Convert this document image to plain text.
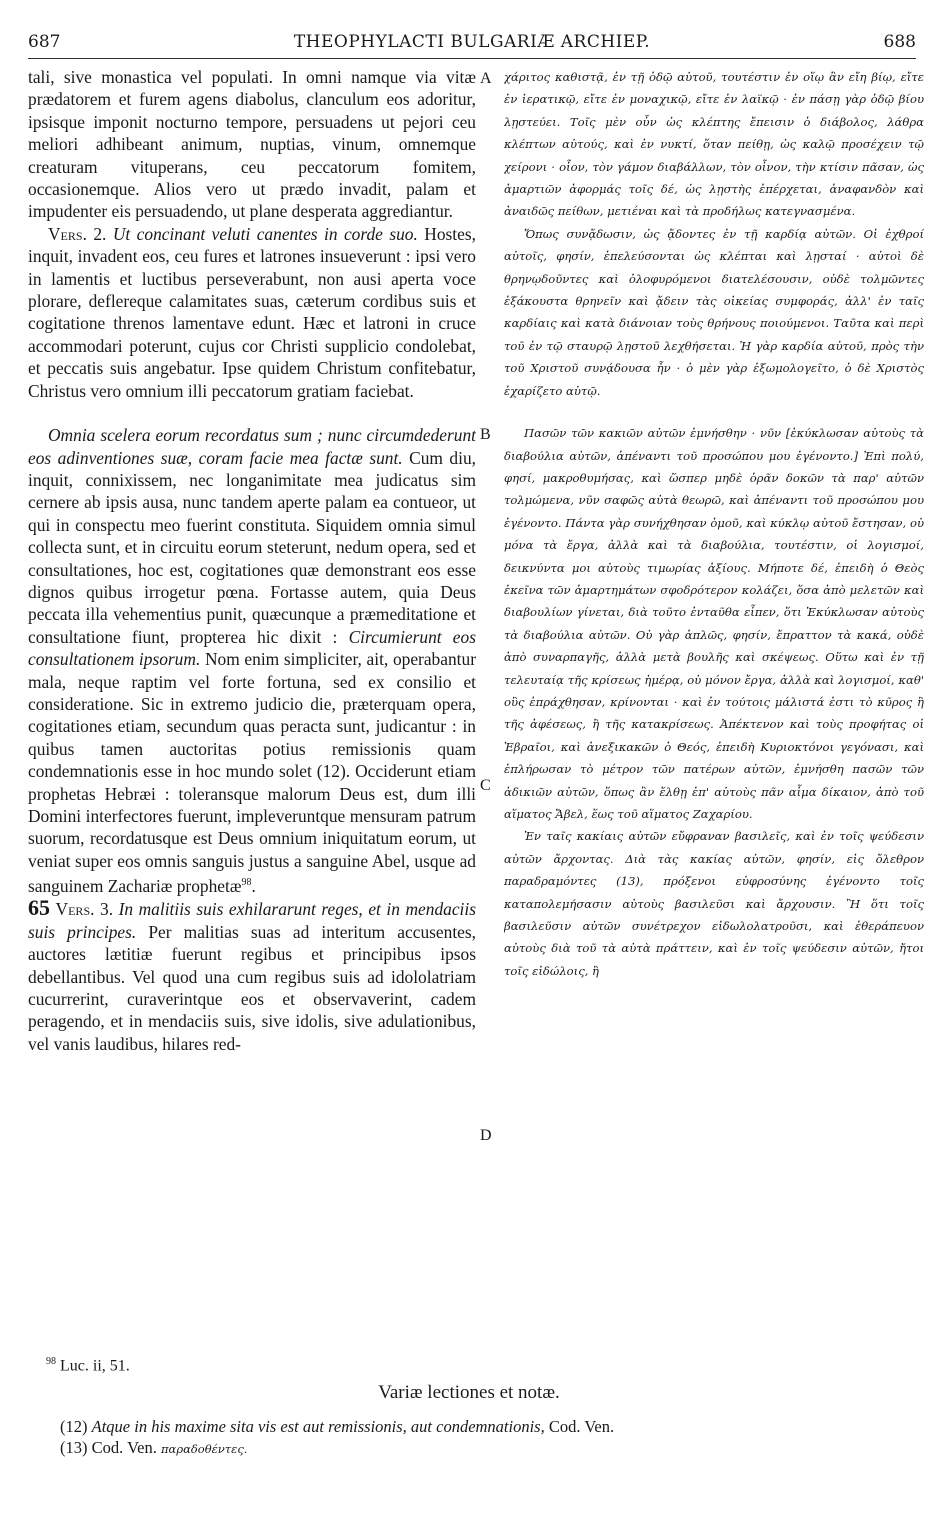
687	THEOPHYLACTI BULGARIÆ ARCHIEP.	688

tali, sive monastica vel populati. In omni namque via vitæ prædatorem et furem agens diabolus, clanculum eos adoritur, ipsisque imponit nocturno tempore, persuadens ut pejori ceu meliori adhibeant animum, nuptias, vinum, omnemque creaturam vituperans, ceu peccatorum fomitem, occasionemque. Alios vero ut prædo invadit, palam et impudenter eis persuadendo, ut plane desperata aggrediantur.

Vers. 2. Ut concinant veluti canentes in corde suo. Hostes, inquit, invadent eos, ceu fures et latrones insueverunt : ipsi vero in lamentis et luctibus perseverabunt, non ausi aperta voce plorare, deflereque calamitates suas, cæterum cordibus suis et cogitatione threnos lamentave edunt. Hæc et latroni in cruce accommodari poterunt, cujus cor Christi supplicio condolebat, et peccatis suis angebatur. Ipse quidem Christum confitebatur, Christus vero omnium illi peccatorum gratiam faciebat.

Omnia scelera eorum recordatus sum ; nunc circumdederunt eos adinventiones suæ, coram facie mea factæ sunt. Cum diu, inquit, connixissem, nec longanimitate mea judicatus sim cernere ab ipsis ausa, nunc tandem aperte palam ea contueor, ut qui in conspectu meo fuerint constituta. Siquidem omnia simul collecta sunt, et in circuitu eorum steterunt, nedum opera, sed et consultationes, hoc est, cogitationes quæ demonstrant eos esse dignos quibus irrogetur pœna. Fortasse autem, quia Deus peccata illa vehementius punit, quæcunque a præmeditatione et consultatione fiunt, propterea hic dixit : Circumierunt eos consultationem ipsorum. Nom enim simpliciter, ait, operabantur mala, neque raptim vel forte fortuna, sed ex consilio et consideratione. Sic in extremo judicio die, præterquam opera, cogitationes etiam, secundum quas peracta sunt, judicantur : in quibus tamen auctoritas potius remissionis quam condemnationis esse in hoc mundo solet (12). Occiderunt etiam prophetas Hebræi : toleransque malorum Deus est, dum illi Domini interfectores fuerunt, impleveruntque mensuram patrum suorum, recordatusque est Deus omnium iniquitatum eorum, ut veniat super eos omnis sanguis justus a sanguine Abel, usque ad sanguinem Zachariæ prophetæ$^{98}$.

65 Vers. 3. In malitiis suis exhilararunt reges, et in mendaciis suis principes. Per malitias suas ad interitum accusentes, auctores lætitiæ fuerunt regibus et principibus ipsos debellantibus. Vel quod una cum regibus suis ad idololatriam cucurrerint, curaverintque eos et observaverint, cadem peragendo, et in mendaciis suis, sive idolis, sive adulationibus, vel vanis laudibus, hilares red-

A
B
C
D

χάριτος καθιστᾷ, ἐν τῇ ὁδῷ αὐτοῦ, τουτέστιν ἐν οἵῳ ἂν εἴη βίῳ, εἴτε ἐν ἱερατικῷ, εἴτε ἐν μοναχικῷ, εἴτε ἐν λαϊκῷ · ἐν πάσῃ γὰρ ὁδῷ βίου λῃστεύει. Τοῖς μὲν οὖν ὡς κλέπτης ἔπεισιν ὁ διάβολος, λάθρα κλέπτων αὐτούς, καὶ ἐν νυκτί, ὅταν πείθῃ, ὡς καλῷ προσέχειν τῷ χείρονι · οἷον, τὸν γάμον διαβάλλων, τὸν οἶνον, τὴν κτίσιν πᾶσαν, ὡς ἁμαρτιῶν ἀφορμάς τοῖς δέ, ὡς λῃστὴς ἐπέρχεται, ἀναφανδὸν καὶ ἀναιδῶς πείθων, μετιέναι καὶ τὰ προδήλως κατεγνασμένα.

Ὅπως συνᾄδωσιν, ὡς ᾄδοντες ἐν τῇ καρδίᾳ αὐτῶν. Οἱ ἐχθροί αὐτοῖς, φησίν, ἐπελεύσονται ὡς κλέπται καὶ λῃσταί · αὐτοὶ δὲ θρηνῳδοῦντες καὶ ὀλοφυρόμενοι διατελέσουσιν, οὐδὲ τολμῶντες ἐξάκουστα θρηνεῖν καὶ ᾄδειν τὰς οἰκείας συμφοράς, ἀλλ' ἐν ταῖς καρδίαις καὶ κατὰ διάνοιαν τοὺς θρήνους ποιούμενοι. Ταῦτα καὶ περὶ τοῦ ἐν τῷ σταυρῷ λῃστοῦ λεχθήσεται. Ἡ γὰρ καρδία αὐτοῦ, πρὸς τὴν τοῦ Χριστοῦ συνᾴδουσα ἦν · ὁ μὲν γὰρ ἐξωμολογεῖτο, ὁ δὲ Χριστὸς ἐχαρίζετο αὐτῷ.

Πασῶν τῶν κακιῶν αὐτῶν ἐμνήσθην · νῦν [ἐκύκλωσαν αὐτοὺς τὰ διαβούλια αὐτῶν, ἀπέναντι τοῦ προσώπου μου ἐγένοντο.] Ἐπὶ πολύ, φησί, μακροθυμήσας, καὶ ὥσπερ μηδὲ ὁρᾶν δοκῶν τὰ παρ' αὐτῶν τολμώμενα, νῦν σαφῶς αὐτὰ θεωρῶ, καὶ ἀπέναντι τοῦ προσώπου μου ἐγένοντο. Πάντα γὰρ συνήχθησαν ὁμοῦ, καὶ κύκλῳ αὐτοῦ ἔστησαν, οὐ μόνα τὰ ἔργα, ἀλλὰ καὶ τὰ διαβούλια, τουτέστιν, οἱ λογισμοί, δεικνύντα μοι αὐτοὺς τιμωρίας ἀξίους. Μήποτε δέ, ἐπειδὴ ὁ Θεὸς ἐκεῖνα τῶν ἁμαρτημάτων σφοδρότερον κολάζει, ὅσα ἀπὸ μελετῶν καὶ διαβουλίων γίνεται, διὰ τοῦτο ἐνταῦθα εἶπεν, ὅτι Ἐκύκλωσαν αὐτοὺς τὰ διαβούλια αὐτῶν. Οὐ γὰρ ἁπλῶς, φησίν, ἔπραττον τὰ κακά, οὐδὲ ἀπὸ συναρπαγῆς, ἀλλὰ μετὰ βουλῆς καὶ σκέψεως. Οὕτω καὶ ἐν τῇ τελευταίᾳ τῆς κρίσεως ἡμέρᾳ, οὐ μόνον ἔργα, ἀλλὰ καὶ λογισμοί, καθ' οὓς ἐπράχθησαν, κρίνονται · καὶ ἐν τούτοις μάλιστά ἐστι τὸ κῦρος ἢ τῆς ἀφέσεως, ἢ τῆς κατακρίσεως. Ἀπέκτενον καὶ τοὺς προφήτας οἱ Ἑβραῖοι, καὶ ἀνεξικακῶν ὁ Θεός, ἐπειδὴ Κυριοκτόνοι γεγόνασι, καὶ ἐπλήρωσαν τὸ μέτρον τῶν πατέρων αὐτῶν, ἐμνήσθη πασῶν τῶν ἀδικιῶν αὐτῶν, ὅπως ἂν ἔλθῃ ἐπ' αὐτοὺς πᾶν αἷμα δίκαιον, ἀπὸ τοῦ αἵματος Ἄβελ, ἕως τοῦ αἵματος Ζαχαρίου.

Ἐν ταῖς κακίαις αὐτῶν εὔφραναν βασιλεῖς, καὶ ἐν τοῖς ψεύδεσιν αὐτῶν ἄρχοντας. Διὰ τὰς κακίας αὐτῶν, φησίν, εἰς ὄλεθρον παραδραμόντες (13), πρόξενοι εὐφροσύνης ἐγένοντο τοῖς καταπολεμήσασιν αὐτοὺς βασιλεῦσι καὶ ἄρχουσιν. Ἢ ὅτι τοῖς βασιλεῦσιν αὐτῶν συνέτρεχον εἰδωλολατροῦσι, καὶ ἐθεράπευον αὐτοὺς διὰ τοῦ τὰ αὐτὰ πράττειν, καὶ ἐν τοῖς ψεύδεσιν αὐτῶν, ἤτοι τοῖς εἰδώλοις, ἢ

$^{98}$ Luc. ii, 51.
Variæ lectiones et notæ.
(12) Atque in his maxime sita vis est aut remissionis, aut condemnationis, Cod. Ven.
(13) Cod. Ven. παραδοθέντες.
